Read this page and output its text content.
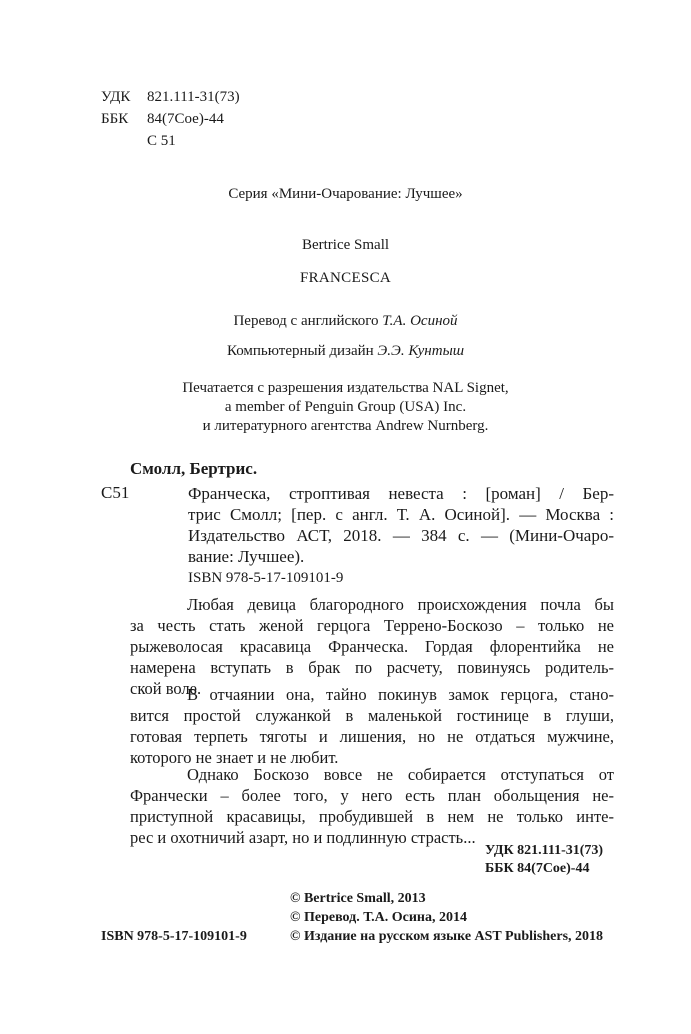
УДК 821.111-31(73)
ББК 84(7Сое)-44
С 51
Серия «Мини-Очарование: Лучшее»
Bertrice Small
FRANCESCA
Перевод с английского Т.А. Осиной
Компьютерный дизайн Э.Э. Кунтыш
Печатается с разрешения издательства NAL Signet,
a member of Penguin Group (USA) Inc.
и литературного агентства Andrew Nurnberg.
Смолл, Бертрис.
С51	Франческа, строптивая невеста : [роман] / Бер-
трис Смолл; [пер. с англ. Т. А. Осиной]. — Москва :
Издательство АСТ, 2018. — 384 с. — (Мини-Очаро-
вание: Лучшее).
ISBN 978-5-17-109101-9
Любая девица благородного происхождения почла бы
за честь стать женой герцога Террено-Боскозо – только не
рыжеволосая красавица Франческа. Гордая флорентийка не
намерена вступать в брак по расчету, повинуясь родитель-
ской воле.
В отчаянии она, тайно покинув замок герцога, стано-
вится простой служанкой в маленькой гостинице в глуши,
готовая терпеть тяготы и лишения, но не отдаться мужчине,
которого не знает и не любит.
Однако Боскозо вовсе не собирается отступаться от
Франчески – более того, у него есть план обольщения не-
приступной красавицы, пробудившей в нем не только инте-
рес и охотничий азарт, но и подлинную страсть...
УДК 821.111-31(73)
ББК 84(7Сое)-44
© Bertrice Small, 2013
© Перевод. Т.А. Осина, 2014
© Издание на русском языке AST Publishers, 2018
ISBN 978-5-17-109101-9
